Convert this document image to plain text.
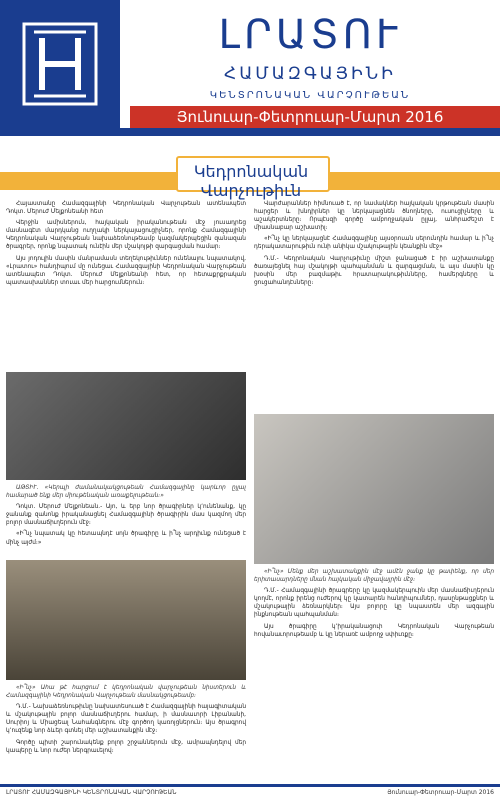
ԼՐԱՏՈՒ
ՀԱՄԱԶԳԱՅԻՆԻ
ԿԵՆՏՐՈՆԱԿԱՆ ՎԱՐՉՈՒԹԵԱՆ
Յունուար-Փետրուար-Մարտ 2016
Կեդրոնական Վարչութիւն

Հայաստանը Համազգայինի Կեդրոնական Վարչութեան ատենապետ Դոկտ. Մերուժ Մելքոնեանի հետ

Վերջին ամիսներուն, հայկական իրականութեան մէջ յուսադրեց մասնագէտ մարդկանց ուղղակի ներկայացուցիչներ, որոնք Համազգայինի Կեդրոնական Վարչութեան նախաձեռնութեամբ կազմակերպեցին զանազան ծրագրեր, որոնք նպատակ ունէին մեր մշակոյթի զարգացման համար։

Այս յոդուլին մասին մանրամասն տեղեկութիւններ ունենալու նպատակով, «Լրատու» հանդիպում մը ունեցաւ Համազգայինի Կեդրոնական Վարչութեան ատենապետ Դոկտ. Մերուժ Մելքոնեանի հետ, որ հետաքրքրական պատասխաններ տուաւ մեր հարցումներուն։

ԱԹՏԻՒ. «Կերպի ժամանակակցութեան Համազգայինը կարևոր ըլլալ համարած ենք մեր միութենական առաքելութեան։»

Դոկտ. Մերուժ Մելքոնեան.- Այո, և երբ նոր ծրագիրներ կ՚ունենանք, կը ջանանք զանոնք իրականացնել Համազգայինի ծրագիրին մաս կազմող մեր բոլոր մասնաճիւղերուն մէջ։

«Ի՞նչ նպատակ կը հետապնդէ սոյն ծրագիրը և ի՞նչ արդիւնք ունեցած է մինչ այժմ։»

«Ի՞նչ» Ահա թէ հարցում է կեդրոնական վարչութեան նիստերուն և Համազգայինի Կեդրոնական Վարչութեան մասնակցութեամբ։

Դ.Մ.- Նախաձեռնութիւնը նախատեսուած է Համազգայինի հայագիտական և մշակութային բոլոր մասնաճիւղերու համար, ի մասնաւորի Լիբանանի, Սուրիոյ և Միացեալ Նահանգներու մէջ գործող կառոյցներուն։ Այս ծրագրով կ՚ուզենք նոր ձևեր գտնել մեր աշխատանքին մէջ։

Գործը պիտի շարունակենք բոլոր շրջաններուն մէջ, ամրապնդելով մեր կապերը և նոր ուժեր ներգրաւելով։

Վարժարաններ հիմնուած է, որ նամակներ հայկական կրթութեան մասին հարցեր և խնդիրներ կը ներկայացնեն ծնողները, ուսուցիչները և աշակերտները։ Որպէսզի գործը ամբողջական ըլլայ, անհրաժեշտ է միասնաբար աշխատիլ։

«Ի՞նչ կը ներկայացնէ Համազգայինը այսօրուան սերունդին համար և ի՞նչ դերակատարութիւն ունի անիկա մշակութային կեանքին մէջ»

Դ.Մ.- Կեդրոնական Վարչութիւնը միշտ ջանացած է իր աշխատանքը ծառայեցնել հայ մշակոյթի պահպանման և զարգացման, և այս մասին կը խօսին մեր բազմաթիւ հրատարակութիւնները, համերգները և ցուցահանդէսները։

«Ի՞նչ» Մենք մեր աշխատանքին մէջ ամէն ջանք կը թափենք, որ մեր երիտասարդները մնան հայկական միջավայրին մէջ։

Դ.Մ.- Համազգայինի ծրագրերը կը կազմակերպուին մեր մասնաճիւղերուն կողմէ, որոնք իրենց ուժերով կը կատարեն հանդիպումներ, դասընթացքներ և մշակութային ձեռնարկներ։ Այս բոլորը կը նպաստեն մեր ազգային ինքնութեան պահպանման։

Այս ծրագիրը կ՚իրականացուի Կեդրոնական Վարչութեան հովանաւորութեամբ և կը ներառէ ամբողջ սփիւռքը։

ԼՐԱՏՈՒ ՀԱՄԱԶԳԱՅԻՆԻ ԿԵՆՏՐՈՆԱԿԱՆ ՎԱՐՉՈՒԹԵԱՆ	Յունուար-Փետրուար-Մարտ 2016
